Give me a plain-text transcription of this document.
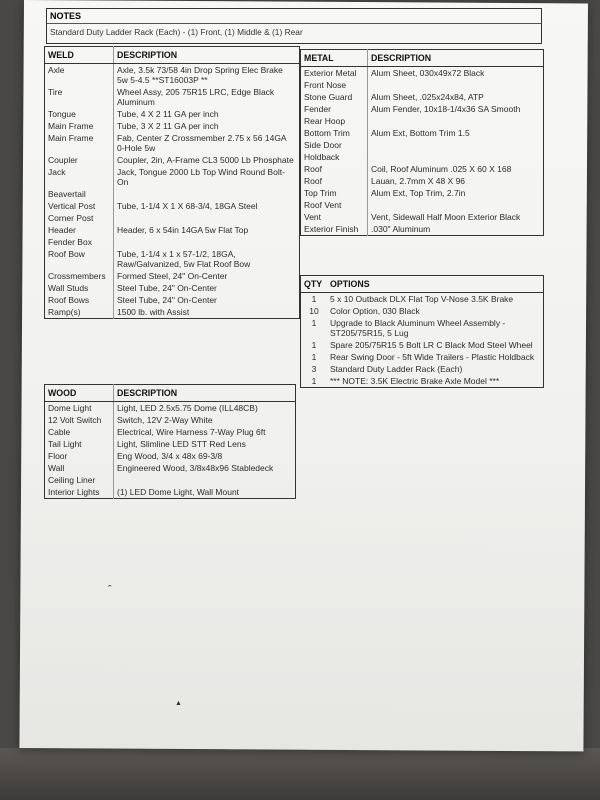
NOTES
Standard Duty Ladder Rack (Each) - (1) Front, (1) Middle & (1) Rear
WELD	DESCRIPTION
Axle	Axle, 3.5k 73/58 4in Drop Spring Elec Brake 5w 5-4.5 **ST16003P **
Tire	Wheel Assy, 205 75R15 LRC, Edge Black Aluminum
Tongue	Tube, 4 X 2 11 GA per inch
Main Frame	Tube, 3 X 2 11 GA per inch
Main Frame	Fab, Center Z Crossmember 2.75 x 56 14GA 0-Hole 5w
Coupler	Coupler, 2in, A-Frame CL3 5000 Lb Phosphate
Jack	Jack, Tongue 2000 Lb Top Wind Round Bolt-On
Beavertail	
Vertical Post	Tube, 1-1/4 X 1 X 68-3/4, 18GA Steel
Corner Post	
Header	Header, 6 x 54in 14GA 5w Flat Top
Fender Box	
Roof Bow	Tube, 1-1/4 x 1 x 57-1/2, 18GA, Raw/Galvanized, 5w Flat Roof Bow
Crossmembers	Formed Steel, 24" On-Center
Wall Studs	Steel Tube, 24" On-Center
Roof Bows	Steel Tube, 24" On-Center
Ramp(s)	1500 lb. with Assist
METAL	DESCRIPTION
Exterior Metal	Alum Sheet, 030x49x72 Black
Front Nose	
Stone Guard	Alum Sheet, .025x24x84, ATP
Fender	Alum Fender, 10x18-1/4x36 SA Smooth
Rear Hoop	
Bottom Trim	Alum Ext, Bottom Trim 1.5
Side Door	
Holdback	
Roof	Coil, Roof Aluminum .025 X 60 X 168
Roof	Lauan, 2.7mm X 48 X 96
Top Trim	Alum Ext, Top Trim, 2.7in
Roof Vent	
Vent	Vent, Sidewall Half Moon Exterior Black
Exterior Finish	.030" Aluminum
QTY	OPTIONS
1	5 x 10 Outback DLX Flat Top V-Nose 3.5K Brake
10	Color Option, 030 Black
1	Upgrade to Black Aluminum Wheel Assembly - ST205/75R15, 5 Lug
1	Spare 205/75R15 5 Bolt LR C Black Mod Steel Wheel
1	Rear Swing Door - 5ft Wide Trailers - Plastic Holdback
3	Standard Duty Ladder Rack (Each)
1	*** NOTE: 3.5K Electric Brake Axle Model ***
WOOD	DESCRIPTION
Dome Light	Light, LED 2.5x5.75 Dome (ILL48CB)
12 Volt Switch	Switch, 12V 2-Way White
Cable	Electrical, Wire Harness 7-Way Plug 6ft
Tail Light	Light, Slimline LED STT Red Lens
Floor	Eng Wood, 3/4 x 48x 69-3/8
Wall	Engineered Wood, 3/8x48x96 Stabledeck
Ceiling Liner	
Interior Lights	(1) LED Dome Light, Wall Mount
ˆ
▲
